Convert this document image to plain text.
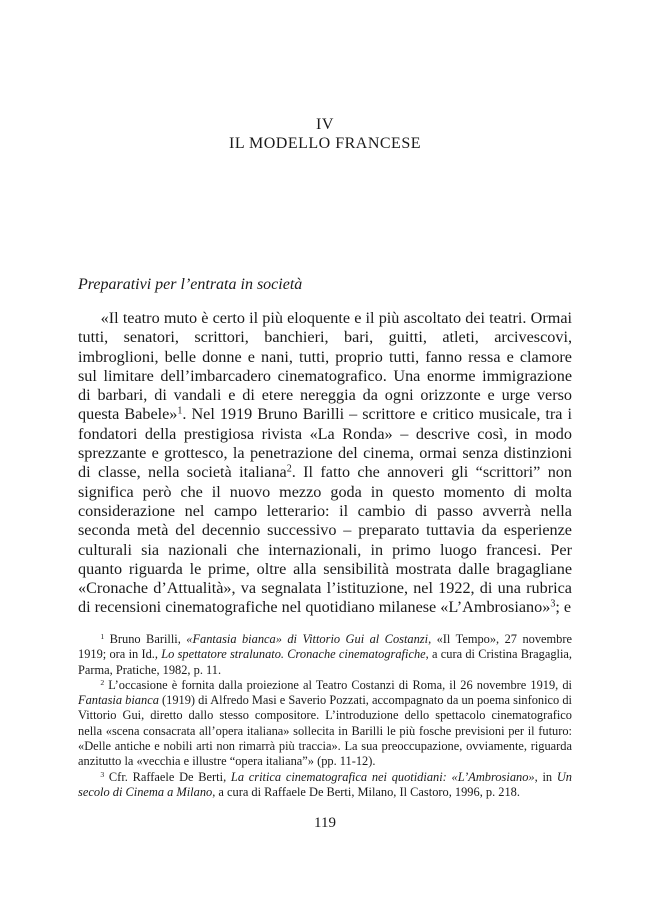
IV
IL MODELLO FRANCESE
Preparativi per l’entrata in società

«Il teatro muto è certo il più eloquente e il più ascoltato dei teatri. Ormai tutti, senatori, scrittori, banchieri, bari, guitti, atleti, arcivescovi, imbroglioni, belle donne e nani, tutti, proprio tutti, fanno ressa e clamore sul limitare dell’imbarcadero cinematografico. Una enorme immigrazione di barbari, di vandali e di etere nereggia da ogni orizzonte e urge verso questa Babele»$^1$. Nel 1919 Bruno Barilli – scrittore e critico musicale, tra i fondatori della prestigiosa rivista «La Ronda» – descrive così, in modo sprezzante e grottesco, la penetrazione del cinema, ormai senza distinzioni di classe, nella società italiana$^2$. Il fatto che annoveri gli “scrittori” non significa però che il nuovo mezzo goda in questo momento di molta considerazione nel campo letterario: il cambio di passo avverrà nella seconda metà del decennio successivo – preparato tuttavia da esperienze culturali sia nazionali che internazionali, in primo luogo francesi. Per quanto riguarda le prime, oltre alla sensibilità mostrata dalle bragagliane «Cronache d’Attualità», va segnalata l’istituzione, nel 1922, di una rubrica di recensioni cinematografiche nel quotidiano milanese «L’Ambrosiano»$^3$; e

$^1$ Bruno Barilli, «Fantasia bianca» di Vittorio Gui al Costanzi, «Il Tempo», 27 novembre 1919; ora in Id., Lo spettatore stralunato. Cronache cinematografiche, a cura di Cristina Bragaglia, Parma, Pratiche, 1982, p. 11.

$^2$ L’occasione è fornita dalla proiezione al Teatro Costanzi di Roma, il 26 novembre 1919, di Fantasia bianca (1919) di Alfredo Masi e Saverio Pozzati, accompagnato da un poema sinfonico di Vittorio Gui, diretto dallo stesso compositore. L’introduzione dello spettacolo cinematografico nella «scena consacrata all’opera italiana» sollecita in Barilli le più fosche previsioni per il futuro: «Delle antiche e nobili arti non rimarrà più traccia». La sua preoccupazione, ovviamente, riguarda anzitutto la «vecchia e illustre “opera italiana”» (pp. 11-12).

$^3$ Cfr. Raffaele De Berti, La critica cinematografica nei quotidiani: «L’Ambrosiano», in Un secolo di Cinema a Milano, a cura di Raffaele De Berti, Milano, Il Castoro, 1996, p. 218.

119
